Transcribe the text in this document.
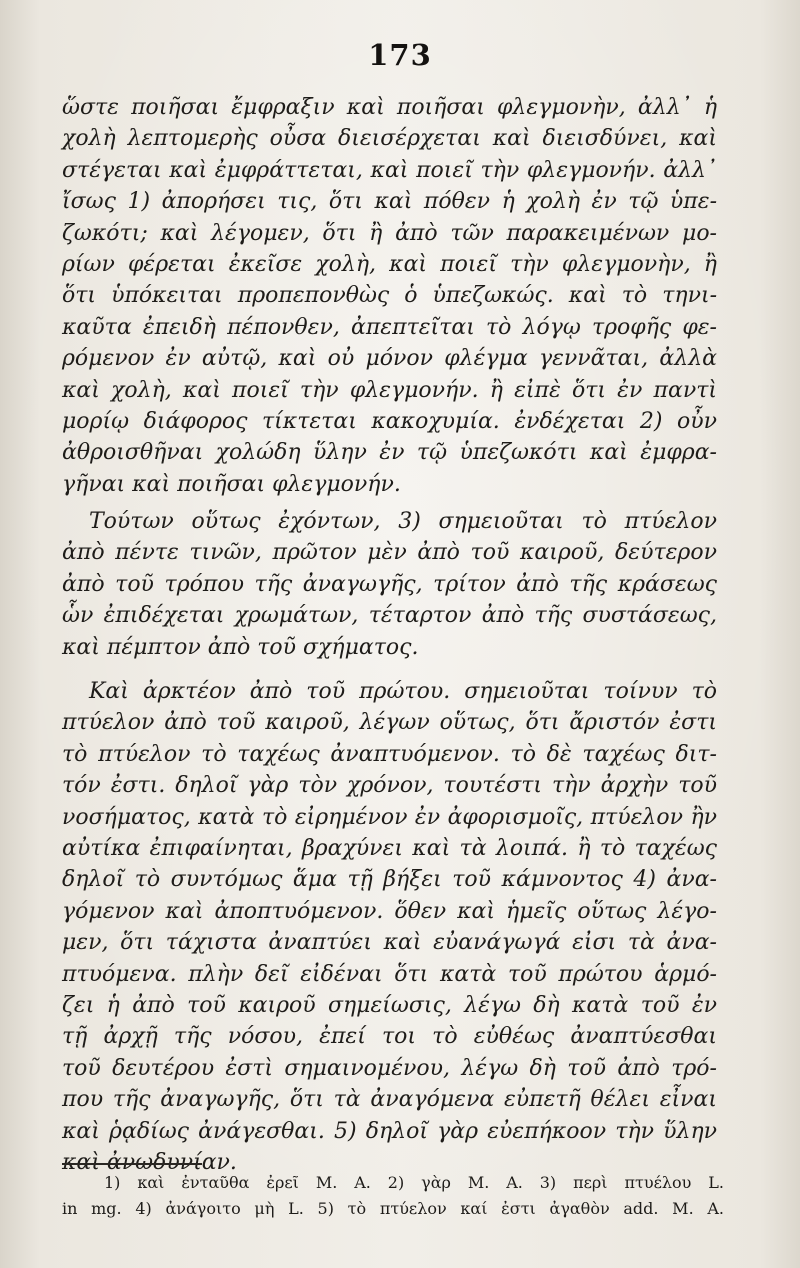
173
ὥστε ποιῆσαι ἔμφραξιν καὶ ποιῆσαι φλεγμονὴν, ἀλλ᾽ ἡ
χολὴ λεπτομερὴς οὖσα διεισέρχεται καὶ διεισδύνει, καὶ
στέγεται καὶ ἐμφράττεται, καὶ ποιεῖ τὴν φλεγμονήν. ἀλλ᾽
ἴσως 1) ἀπορήσει τις, ὅτι καὶ πόθεν ἡ χολὴ ἐν τῷ ὑπε-
ζωκότι; καὶ λέγομεν, ὅτι ἢ ἀπὸ τῶν παρακειμένων μο-
ρίων φέρεται ἐκεῖσε χολὴ, καὶ ποιεῖ τὴν φλεγμονὴν, ἢ
ὅτι ὑπόκειται προπεπονθὼς ὁ ὑπεζωκώς. καὶ τὸ τηνι-
καῦτα ἐπειδὴ πέπονθεν, ἀπεπτεῖται τὸ λόγῳ τροφῆς φε-
ρόμενον ἐν αὐτῷ, καὶ οὐ μόνον φλέγμα γεννᾶται, ἀλλὰ
καὶ χολὴ, καὶ ποιεῖ τὴν φλεγμονήν. ἢ εἰπὲ ὅτι ἐν παντὶ
μορίῳ διάφορος τίκτεται κακοχυμία. ἐνδέχεται 2) οὖν
ἀθροισθῆναι χολώδη ὕλην ἐν τῷ ὑπεζωκότι καὶ ἐμφρα-
γῆναι καὶ ποιῆσαι φλεγμονήν.
Τούτων οὕτως ἐχόντων, 3) σημειοῦται τὸ πτύελον
ἀπὸ πέντε τινῶν, πρῶτον μὲν ἀπὸ τοῦ καιροῦ, δεύτερον
ἀπὸ τοῦ τρόπου τῆς ἀναγωγῆς, τρίτον ἀπὸ τῆς κράσεως
ὧν ἐπιδέχεται χρωμάτων, τέταρτον ἀπὸ τῆς συστάσεως,
καὶ πέμπτον ἀπὸ τοῦ σχήματος.
Καὶ ἀρκτέον ἀπὸ τοῦ πρώτου. σημειοῦται τοίνυν τὸ
πτύελον ἀπὸ τοῦ καιροῦ, λέγων οὕτως, ὅτι ἄριστόν ἐστι
τὸ πτύελον τὸ ταχέως ἀναπτυόμενον. τὸ δὲ ταχέως διτ-
τόν ἐστι. δηλοῖ γὰρ τὸν χρόνον, τουτέστι τὴν ἀρχὴν τοῦ
νοσήματος, κατὰ τὸ εἰρημένον ἐν ἀφορισμοῖς, πτύελον ἢν
αὐτίκα ἐπιφαίνηται, βραχύνει καὶ τὰ λοιπά. ἢ τὸ ταχέως
δηλοῖ τὸ συντόμως ἅμα τῇ βήξει τοῦ κάμνοντος 4) ἀνα-
γόμενον καὶ ἀποπτυόμενον. ὅθεν καὶ ἡμεῖς οὕτως λέγο-
μεν, ὅτι τάχιστα ἀναπτύει καὶ εὐανάγωγά εἰσι τὰ ἀνα-
πτυόμενα. πλὴν δεῖ εἰδέναι ὅτι κατὰ τοῦ πρώτου ἁρμό-
ζει ἡ ἀπὸ τοῦ καιροῦ σημείωσις, λέγω δὴ κατὰ τοῦ ἐν
τῇ ἀρχῇ τῆς νόσου, ἐπεί τοι τὸ εὐθέως ἀναπτύεσθαι
τοῦ δευτέρου ἐστὶ σημαινομένου, λέγω δὴ τοῦ ἀπὸ τρό-
που τῆς ἀναγωγῆς, ὅτι τὰ ἀναγόμενα εὐπετῆ θέλει εἶναι
καὶ ῥᾳδίως ἀνάγεσθαι. 5) δηλοῖ γὰρ εὐεπήκοον τὴν ὕλην
καὶ ἀνωδυνίαν.
1) καὶ ἐνταῦθα ἐρεῖ M. A. 2) γὰρ M. A. 3) περὶ πτυέλου L.
in mg. 4) ἀνάγοιτο μὴ L. 5) τὸ πτύελον καί ἐστι ἀγαθὸν add. M. A.
